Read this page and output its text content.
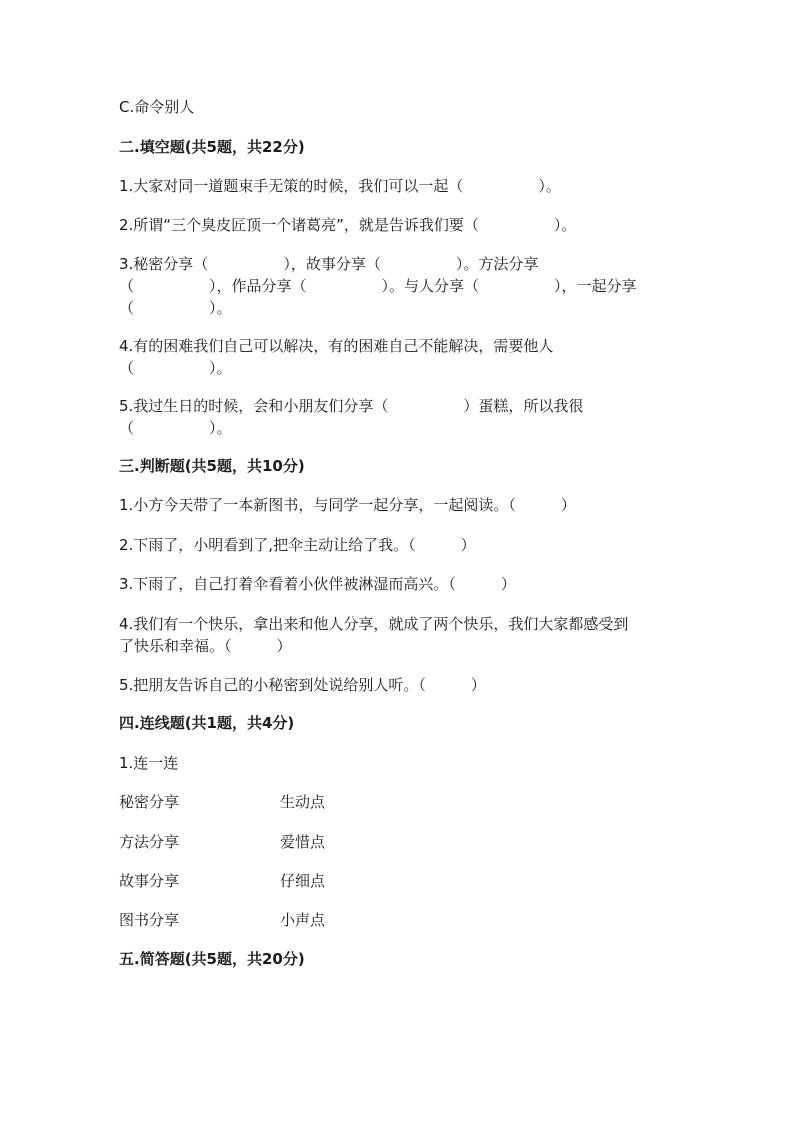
C.命令别人
二.填空题(共5题，共22分)
1.大家对同一道题束手无策的时候，我们可以一起（　　　　　）。
2.所谓“三个臭皮匠顶一个诸葛亮”，就是告诉我们要（　　　　　）。
3.秘密分享（　　　　　），故事分享（　　　　　）。方法分享
（　　　　　），作品分享（　　　　　）。与人分享（　　　　　），一起分享
（　　　　　）。
4.有的困难我们自己可以解决，有的困难自己不能解决，需要他人
（　　　　　）。
5.我过生日的时候，会和小朋友们分享（　　　　　）蛋糕，所以我很
（　　　　　）。
三.判断题(共5题，共10分)
1.小方今天带了一本新图书，与同学一起分享，一起阅读。（　　　）
2.下雨了，小明看到了,把伞主动让给了我。（　　　）
3.下雨了，自己打着伞看着小伙伴被淋湿而高兴。（　　　）
4.我们有一个快乐，拿出来和他人分享，就成了两个快乐，我们大家都感受到
了快乐和幸福。（　　　）
5.把朋友告诉自己的小秘密到处说给别人听。（　　　）
四.连线题(共1题，共4分)
1.连一连
秘密分享	生动点
方法分享	爱惜点
故事分享	仔细点
图书分享	小声点
五.简答题(共5题，共20分)
